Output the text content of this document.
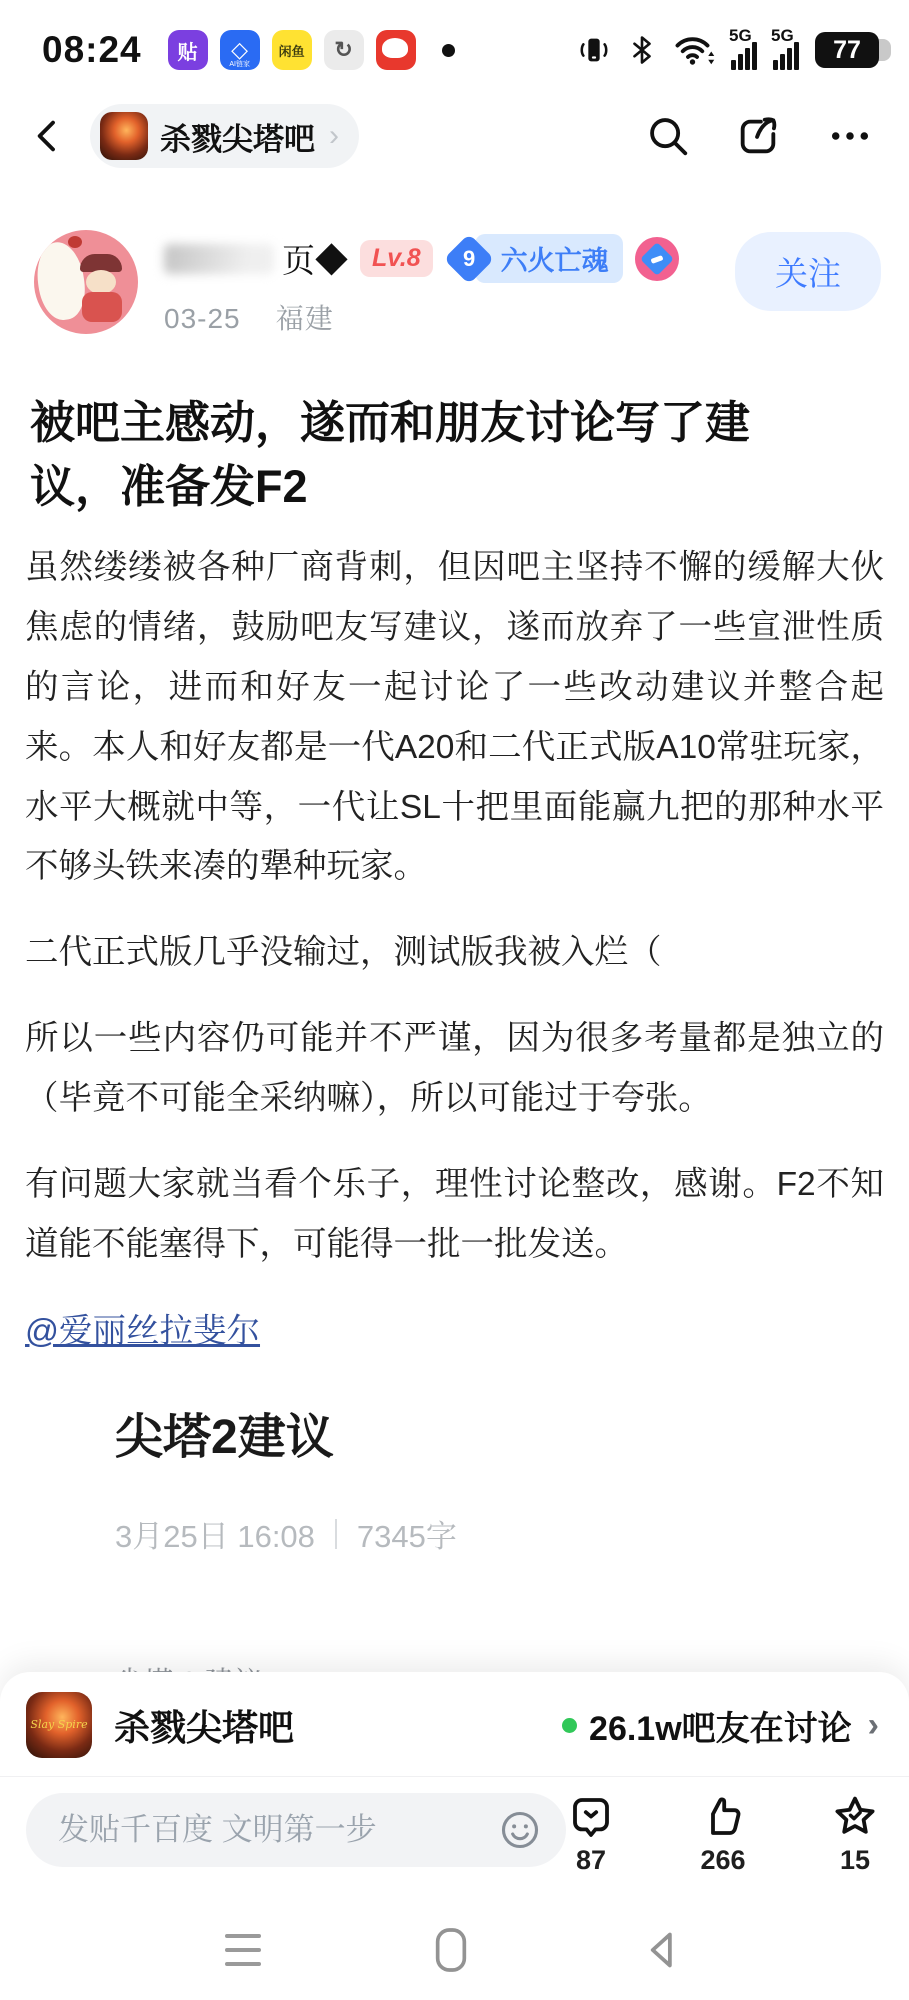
08:24 贴 ◇
AI链家
闲鱼 ↻
5G 5G	77
杀戮尖塔吧 ›
页◆ Lv.8	9 六火亡魂
03-25 福建
关注
被吧主感动，遂而和朋友讨论写了建议，准备发F2

虽然缕缕被各种厂商背刺，但因吧主坚持不懈的缓解大伙焦虑的情绪，鼓励吧友写建议，遂而放弃了一些宣泄性质的言论，进而和好友一起讨论了一些改动建议并整合起来。本人和好友都是一代A20和二代正式版A10常驻玩家，水平大概就中等，一代让SL十把里面能赢九把的那种水平不够头铁来凑的犟种玩家。

二代正式版几乎没输过，测试版我被入烂（

所以一些内容仍可能并不严谨，因为很多考量都是独立的（毕竟不可能全采纳嘛），所以可能过于夸张。

有问题大家就当看个乐子，理性讨论整改，感谢。F2不知道能不能塞得下，可能得一批一批发送。

@爱丽丝拉斐尔
尖塔2建议
3月25日 16:08 7345字
Slay Spire 杀戮尖塔吧	26.1w吧友在讨论 ›
发贴千百度 文明第一步
87	266	15
